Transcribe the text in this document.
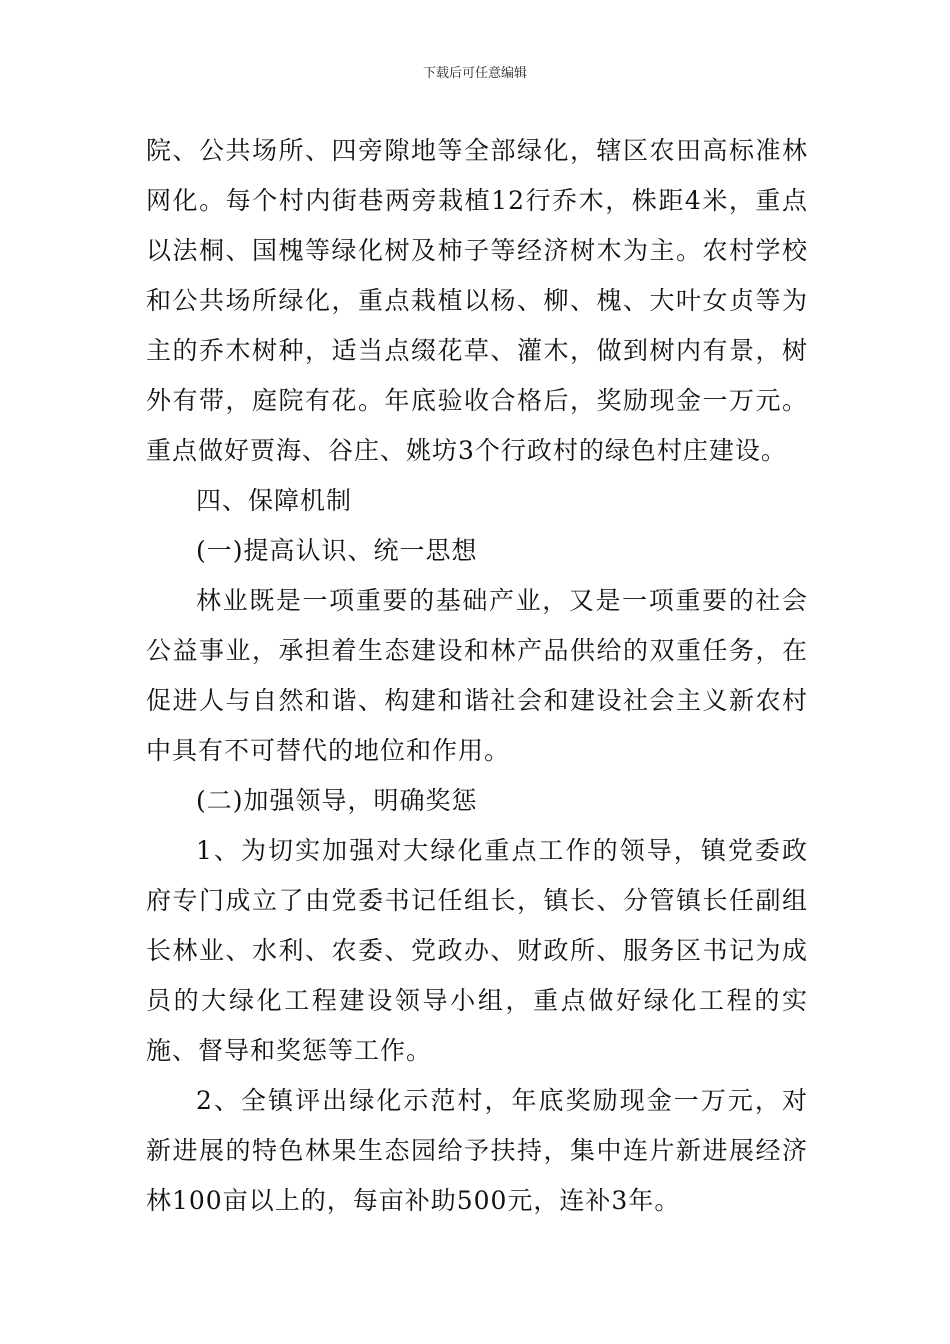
下载后可任意编辑

院、公共场所、四旁隙地等全部绿化，辖区农田高标准林网化。每个村内街巷两旁栽植12行乔木，株距4米，重点以法桐、国槐等绿化树及柿子等经济树木为主。农村学校和公共场所绿化，重点栽植以杨、柳、槐、大叶女贞等为主的乔木树种，适当点缀花草、灌木，做到树内有景，树外有带，庭院有花。年底验收合格后，奖励现金一万元。重点做好贾海、谷庄、姚坊3个行政村的绿色村庄建设。

四、保障机制

(一)提高认识、统一思想

林业既是一项重要的基础产业，又是一项重要的社会公益事业，承担着生态建设和林产品供给的双重任务，在促进人与自然和谐、构建和谐社会和建设社会主义新农村中具有不可替代的地位和作用。

(二)加强领导，明确奖惩

1、为切实加强对大绿化重点工作的领导，镇党委政府专门成立了由党委书记任组长，镇长、分管镇长任副组长林业、水利、农委、党政办、财政所、服务区书记为成员的大绿化工程建设领导小组，重点做好绿化工程的实施、督导和奖惩等工作。

2、全镇评出绿化示范村，年底奖励现金一万元，对新进展的特色林果生态园给予扶持，集中连片新进展经济林100亩以上的，每亩补助500元，连补3年。
